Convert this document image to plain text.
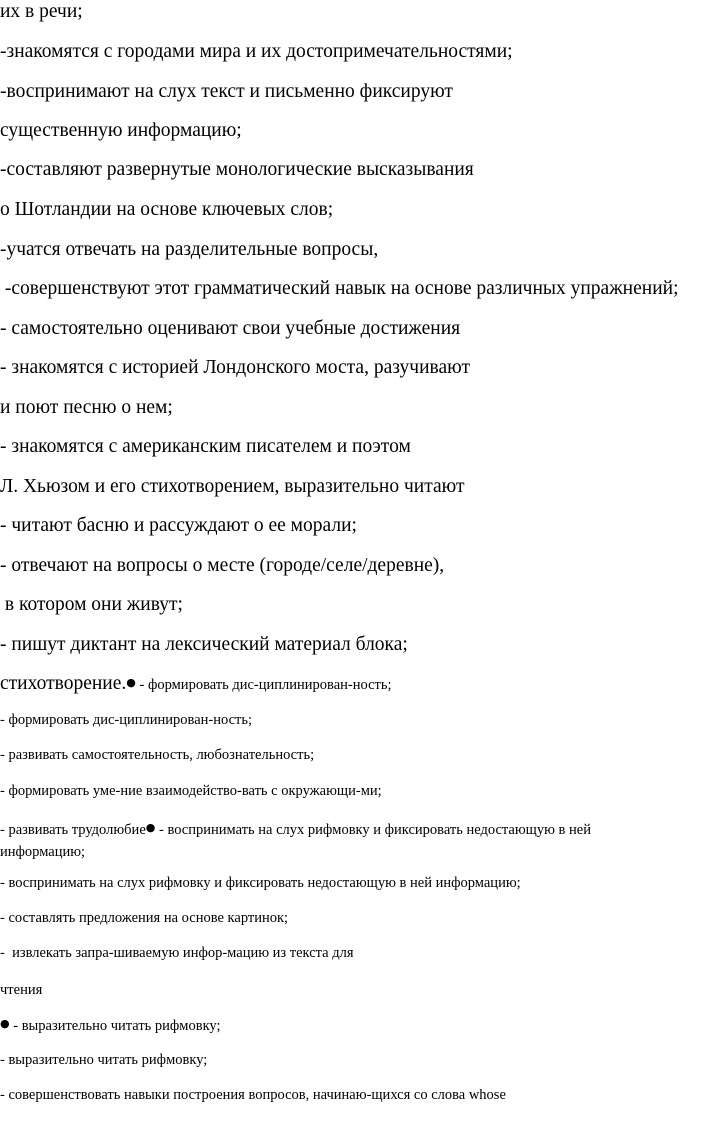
их в речи;
-знакомятся с городами мира и их достопримечательностями;
-воспринимают на слух текст и письменно фиксируют
существенную информацию;
-составляют развернутые монологические высказывания
о Шотландии на основе ключевых слов;
-учатся отвечать на разделительные вопросы,
-совершенствуют этот грамматический навык на основе различных упражнений;
- самостоятельно оценивают свои учебные достижения
- знакомятся с историей Лондонского моста, разучивают
и поют песню о нем;
- знакомятся с американским писателем и поэтом
Л. Хьюзом и его стихотворением, выразительно читают
- читают басню и рассуждают о ее морали;
- отвечают на вопросы о месте (городе/селе/деревне),
в котором они живут;
- пишут диктант на лексический материал блока;
стихотворение.● - формировать дис-циплинирован-ность;
- формировать дис-циплинирован-ность;
- развивать самостоятельность, любознательность;
- формировать уме-ние взаимодейство-вать с окружающи-ми;
- развивать трудолюбие● - воспринимать на слух рифмовку и фиксировать недостающую в ней информацию;
- воспринимать на слух рифмовку и фиксировать недостающую в ней информацию;
- составлять предложения на основе картинок;
-  извлекать запра-шиваемую инфор-мацию из текста для
чтения
● - выразительно читать рифмовку;
- выразительно читать рифмовку;
- совершенствовать навыки построения вопросов, начинаю-щихся со слова whose
